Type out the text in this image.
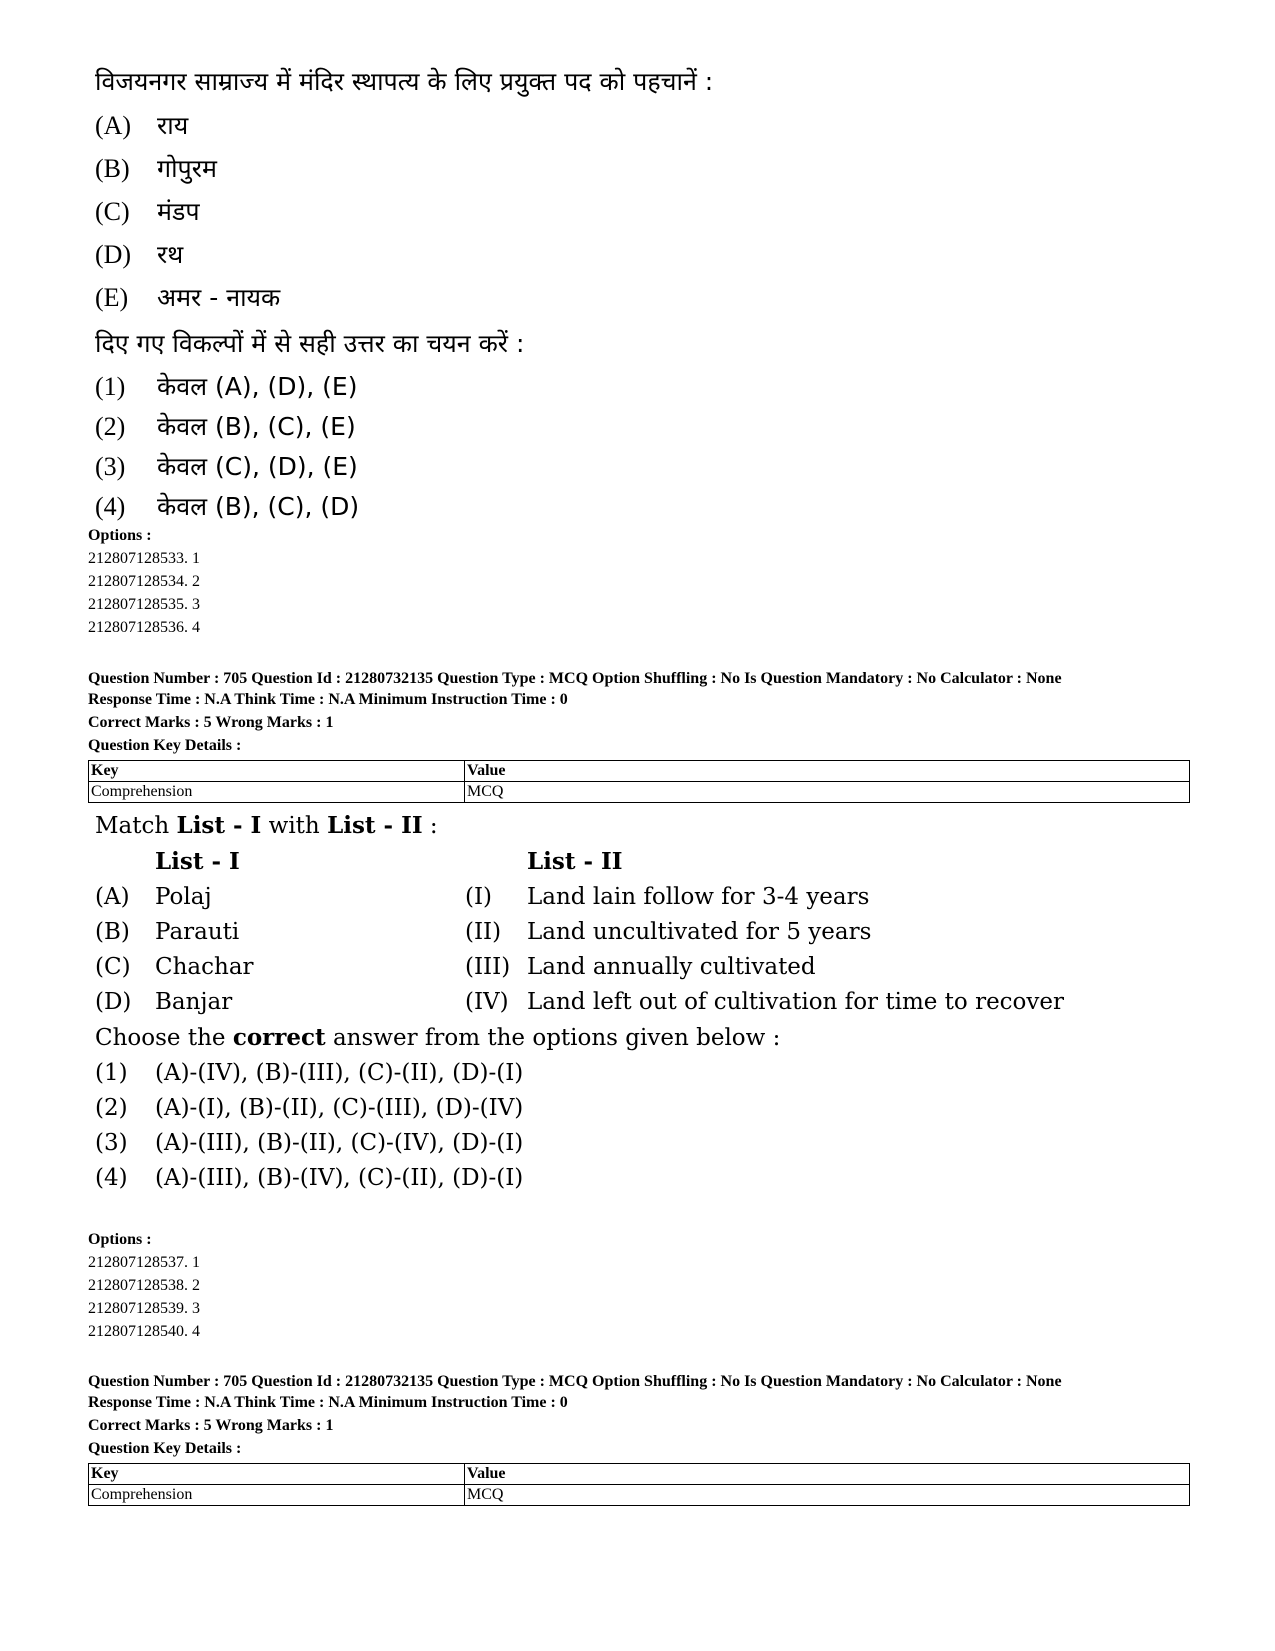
विजयनगर साम्राज्य में मंदिर स्थापत्य के लिए प्रयुक्त पद को पहचानें :
(A)	राय
(B)	गोपुरम
(C)	मंडप
(D)	रथ
(E)	अमर - नायक
दिए गए विकल्पों में से सही उत्तर का चयन करें :
(1)	केवल (A), (D), (E)
(2)	केवल (B), (C), (E)
(3)	केवल (C), (D), (E)
(4)	केवल (B), (C), (D)
Options :
212807128533. 1
212807128534. 2
212807128535. 3
212807128536. 4
Question Number : 705 Question Id : 21280732135 Question Type : MCQ Option Shuffling : No Is Question Mandatory : No Calculator : None
Response Time : N.A Think Time : N.A Minimum Instruction Time : 0
Correct Marks : 5 Wrong Marks : 1
Question Key Details :
Key	Value
Comprehension	MCQ
Match List - I with List - II :
List - I	List - II
(A) Polaj	(I) Land lain follow for 3-4 years
(B) Parauti	(II) Land uncultivated for 5 years
(C) Chachar	(III) Land annually cultivated
(D) Banjar	(IV) Land left out of cultivation for time to recover
Choose the correct answer from the options given below :
(1) (A)-(IV), (B)-(III), (C)-(II), (D)-(I)
(2) (A)-(I), (B)-(II), (C)-(III), (D)-(IV)
(3) (A)-(III), (B)-(II), (C)-(IV), (D)-(I)
(4) (A)-(III), (B)-(IV), (C)-(II), (D)-(I)
Options :
212807128537. 1
212807128538. 2
212807128539. 3
212807128540. 4
Question Number : 705 Question Id : 21280732135 Question Type : MCQ Option Shuffling : No Is Question Mandatory : No Calculator : None
Response Time : N.A Think Time : N.A Minimum Instruction Time : 0
Correct Marks : 5 Wrong Marks : 1
Question Key Details :
Key	Value
Comprehension	MCQ
